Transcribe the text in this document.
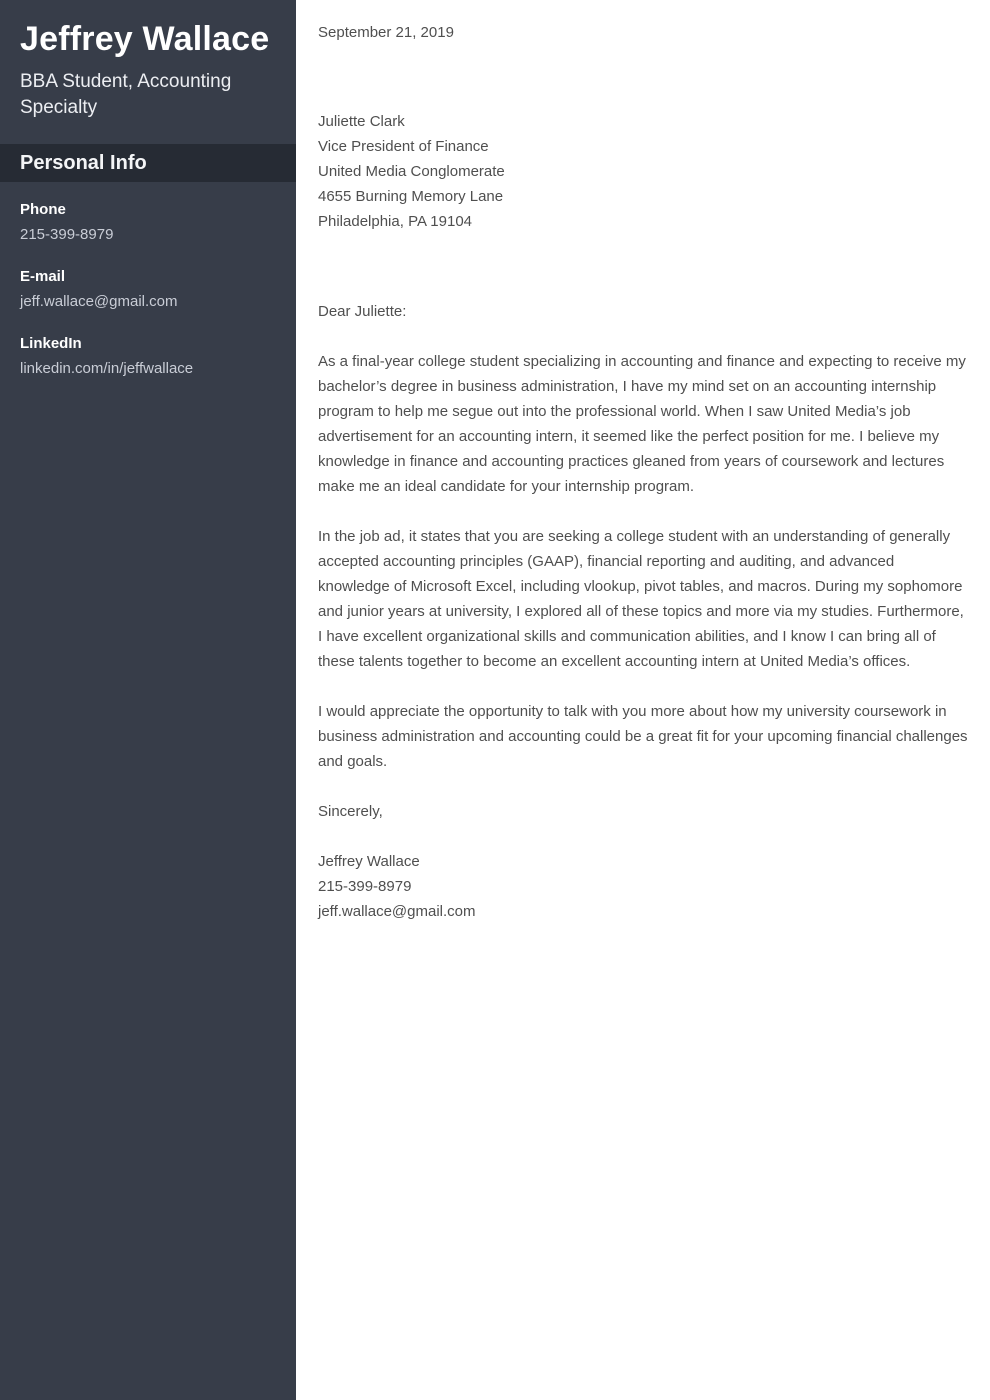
Jeffrey Wallace

BBA Student, Accounting Specialty

Personal Info
Phone
215-399-8979
E-mail
jeff.wallace@gmail.com
LinkedIn
linkedin.com/in/jeffwallace

September 21, 2019

Juliette Clark

Vice President of Finance

United Media Conglomerate

4655 Burning Memory Lane

Philadelphia, PA 19104

Dear Juliette:

As a final-year college student specializing in accounting and finance and expecting to receive my bachelor’s degree in business administration, I have my mind set on an accounting internship program to help me segue out into the professional world. When I saw United Media’s job advertisement for an accounting intern, it seemed like the perfect position for me. I believe my knowledge in finance and accounting practices gleaned from years of coursework and lectures make me an ideal candidate for your internship program.

In the job ad, it states that you are seeking a college student with an understanding of generally accepted accounting principles (GAAP), financial reporting and auditing, and advanced knowledge of Microsoft Excel, including vlookup, pivot tables, and macros. During my sophomore and junior years at university, I explored all of these topics and more via my studies. Furthermore, I have excellent organizational skills and communication abilities, and I know I can bring all of these talents together to become an excellent accounting intern at United Media’s offices.

I would appreciate the opportunity to talk with you more about how my university coursework in business administration and accounting could be a great fit for your upcoming financial challenges and goals.

Sincerely,

Jeffrey Wallace

215-399-8979

jeff.wallace@gmail.com
